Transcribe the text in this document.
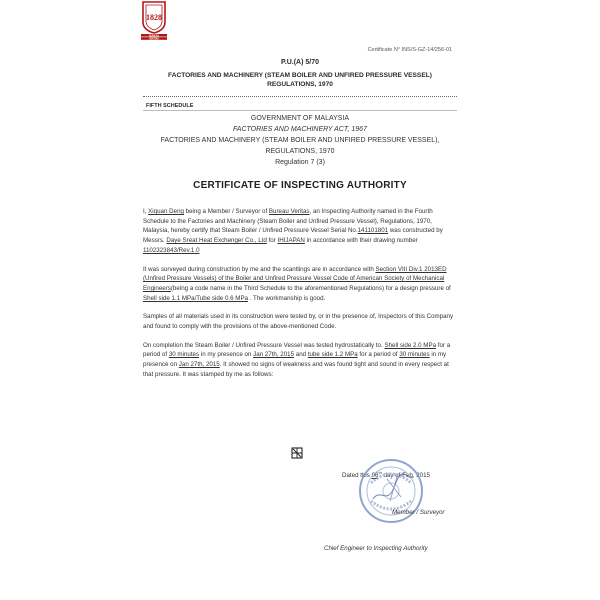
1828
BUREAU
VERITAS
Certificate N° INS/S-GZ-14/256-01
P.U.(A) 5/70
FACTORIES AND MACHINERY (STEAM BOILER AND UNFIRED PRESSURE VESSEL)
REGULATIONS, 1970
FIFTH SCHEDULE
GOVERNMENT OF MALAYSIA
FACTORIES AND MACHINERY ACT, 1967
FACTORIES AND MACHINERY (STEAM BOILER AND UNFIRED PRESSURE VESSEL),
REGULATIONS, 1970
Regulation 7 (3)
CERTIFICATE OF INSPECTING AUTHORITY

I, Xiquan Deng being a Member / Surveyor of Bureau Veritas, an Inspecting Authority named in the Fourth Schedule to the Factories and Machinery (Steam Boiler and Unfired Pressure Vessel), Regulations, 1970, Malaysia, hereby certify that Steam Boiler / Unfired Pressure Vessel Serial No.141101801 was constructed by Messrs. Daye Sreat Heat Exchenger Co., Ltd for IHIJAPAN in accordance with their drawing number 1102323843/Rev.1.0

It was surveyed during construction by me and the scantlings are in accordance with Section VIII Div.1 2013ED (Unfired Pressure Vessels) of the Boiler and Unfired Pressure Vessel Code of American Society of Mechanical Engineers(being a code name in the Third Schedule to the aforementioned Regulations) for a design pressure of Shell side 1.1 MPa/Tube side 0.6 MPa . The workmanship is good.

Samples of all materials used in its construction were tested by, or in the presence of, Inspectors of this Company and found to comply with the provisions of the above-mentioned Code.

On completion the Steam Boiler / Unfired Pressure Vessel was tested hydrostatically to. Shell side 2.0 MPa for a period of 30 minutes in my presence on Jan 27th, 2015 and tube side 1.2 MPa for a period of 30 minutes in my presence on Jan 27th, 2015. It showed no signs of weakness and was found tight and sound in every respect at that pressure. It was stamped by me as follows:

Dated this 06th day of Feb, 2015
Member / Surveyor
Chief Engineer to Inspecting Authority
